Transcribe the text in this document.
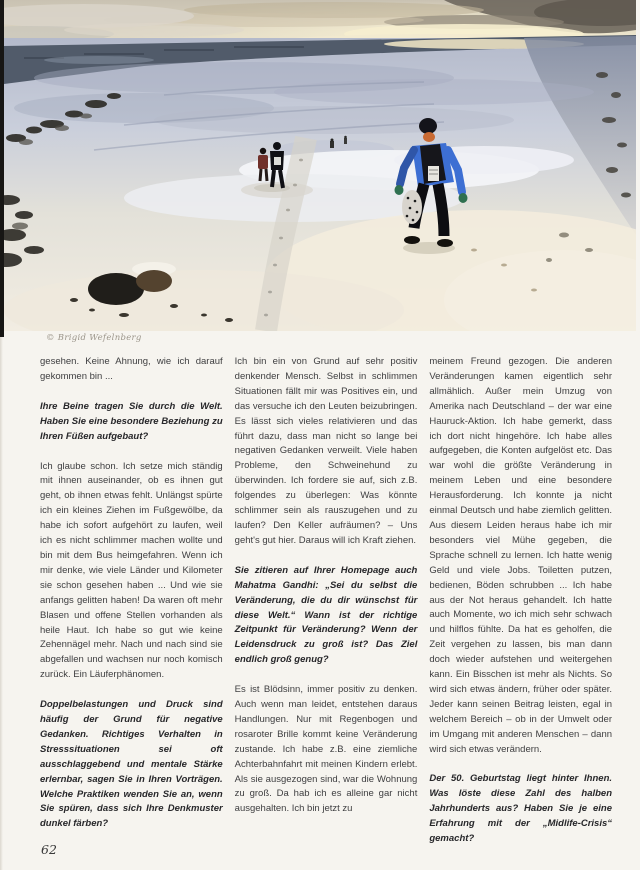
© Brigid Wefelnberg

gesehen. Keine Ahnung, wie ich darauf gekommen bin ...

Ihre Beine tragen Sie durch die Welt. Haben Sie eine besondere Beziehung zu Ihren Füßen aufgebaut?

Ich glaube schon. Ich setze mich ständig mit ihnen auseinander, ob es ihnen gut geht, ob ihnen etwas fehlt. Unlängst spürte ich ein kleines Ziehen im Fußgewölbe, da habe ich sofort aufgehört zu laufen, weil ich es nicht schlimmer machen wollte und bin mit dem Bus heimgefahren. Wenn ich mir denke, wie viele Länder und Kilometer sie schon gesehen haben ... Und wie sie anfangs gelitten haben! Da waren oft mehr Blasen und offene Stellen vorhanden als heile Haut. Ich habe so gut wie keine Zehennägel mehr. Nach und nach sind sie abgefallen und wachsen nur noch komisch zurück. Ein Läuferphänomen.

Doppelbelastungen und Druck sind häufig der Grund für negative Gedanken. Richtiges Verhalten in Stresssituationen sei oft ausschlaggebend und mentale Stärke erlernbar, sagen Sie in Ihren Vorträgen. Welche Praktiken wenden Sie an, wenn Sie spüren, dass sich Ihre Denkmuster dunkel färben?

Ich bin ein von Grund auf sehr positiv denkender Mensch. Selbst in schlimmen Situationen fällt mir was Positives ein, und das versuche ich den Leuten beizubringen. Es lässt sich vieles relativieren und das führt dazu, dass man nicht so lange bei negativen Gedanken verweilt. Viele haben Probleme, den Schweinehund zu überwinden. Ich fordere sie auf, sich z.B. folgendes zu überlegen: Was könnte schlimmer sein als rauszugehen und zu laufen? Den Keller aufräumen? – Uns geht's gut hier. Daraus will ich Kraft ziehen.

Sie zitieren auf Ihrer Homepage auch Mahatma Gandhi: „Sei du selbst die Veränderung, die du dir wünschst für diese Welt.“ Wann ist der richtige Zeitpunkt für Veränderung? Wenn der Leidensdruck zu groß ist? Das Ziel endlich groß genug?

Es ist Blödsinn, immer positiv zu denken. Auch wenn man leidet, entstehen daraus Handlungen. Nur mit Regenbogen und rosaroter Brille kommt keine Veränderung zustande. Ich habe z.B. eine ziemliche Achterbahnfahrt mit meinen Kindern erlebt. Als sie ausgezogen sind, war die Wohnung zu groß. Da hab ich es alleine gar nicht ausgehalten. Ich bin jetzt zu

meinem Freund gezogen. Die anderen Veränderungen kamen eigentlich sehr allmählich. Außer mein Umzug von Amerika nach Deutschland – der war eine Hauruck-Aktion. Ich habe gemerkt, dass ich dort nicht hingehöre. Ich habe alles aufgegeben, die Konten aufgelöst etc. Das war wohl die größte Veränderung in meinem Leben und eine besondere Herausforderung. Ich konnte ja nicht einmal Deutsch und habe ziemlich gelitten. Aus diesem Leiden heraus habe ich mir besonders viel Mühe gegeben, die Sprache schnell zu lernen. Ich hatte wenig Geld und viele Jobs. Toiletten putzen, bedienen, Böden schrubben ... Ich habe aus der Not heraus gehandelt. Ich hatte auch Momente, wo ich mich sehr schwach und hilflos fühlte. Da hat es geholfen, die Zeit vergehen zu lassen, bis man dann doch wieder aufstehen und weitergehen kann. Ein Bisschen ist mehr als Nichts. So wird sich etwas ändern, früher oder später. Jeder kann seinen Beitrag leisten, egal in welchem Bereich – ob in der Umwelt oder im Umgang mit anderen Menschen – dann wird sich etwas verändern.

Der 50. Geburtstag liegt hinter Ihnen. Was löste diese Zahl des halben Jahrhunderts aus? Haben Sie je eine Erfahrung mit der „Midlife-Crisis“ gemacht?

62
